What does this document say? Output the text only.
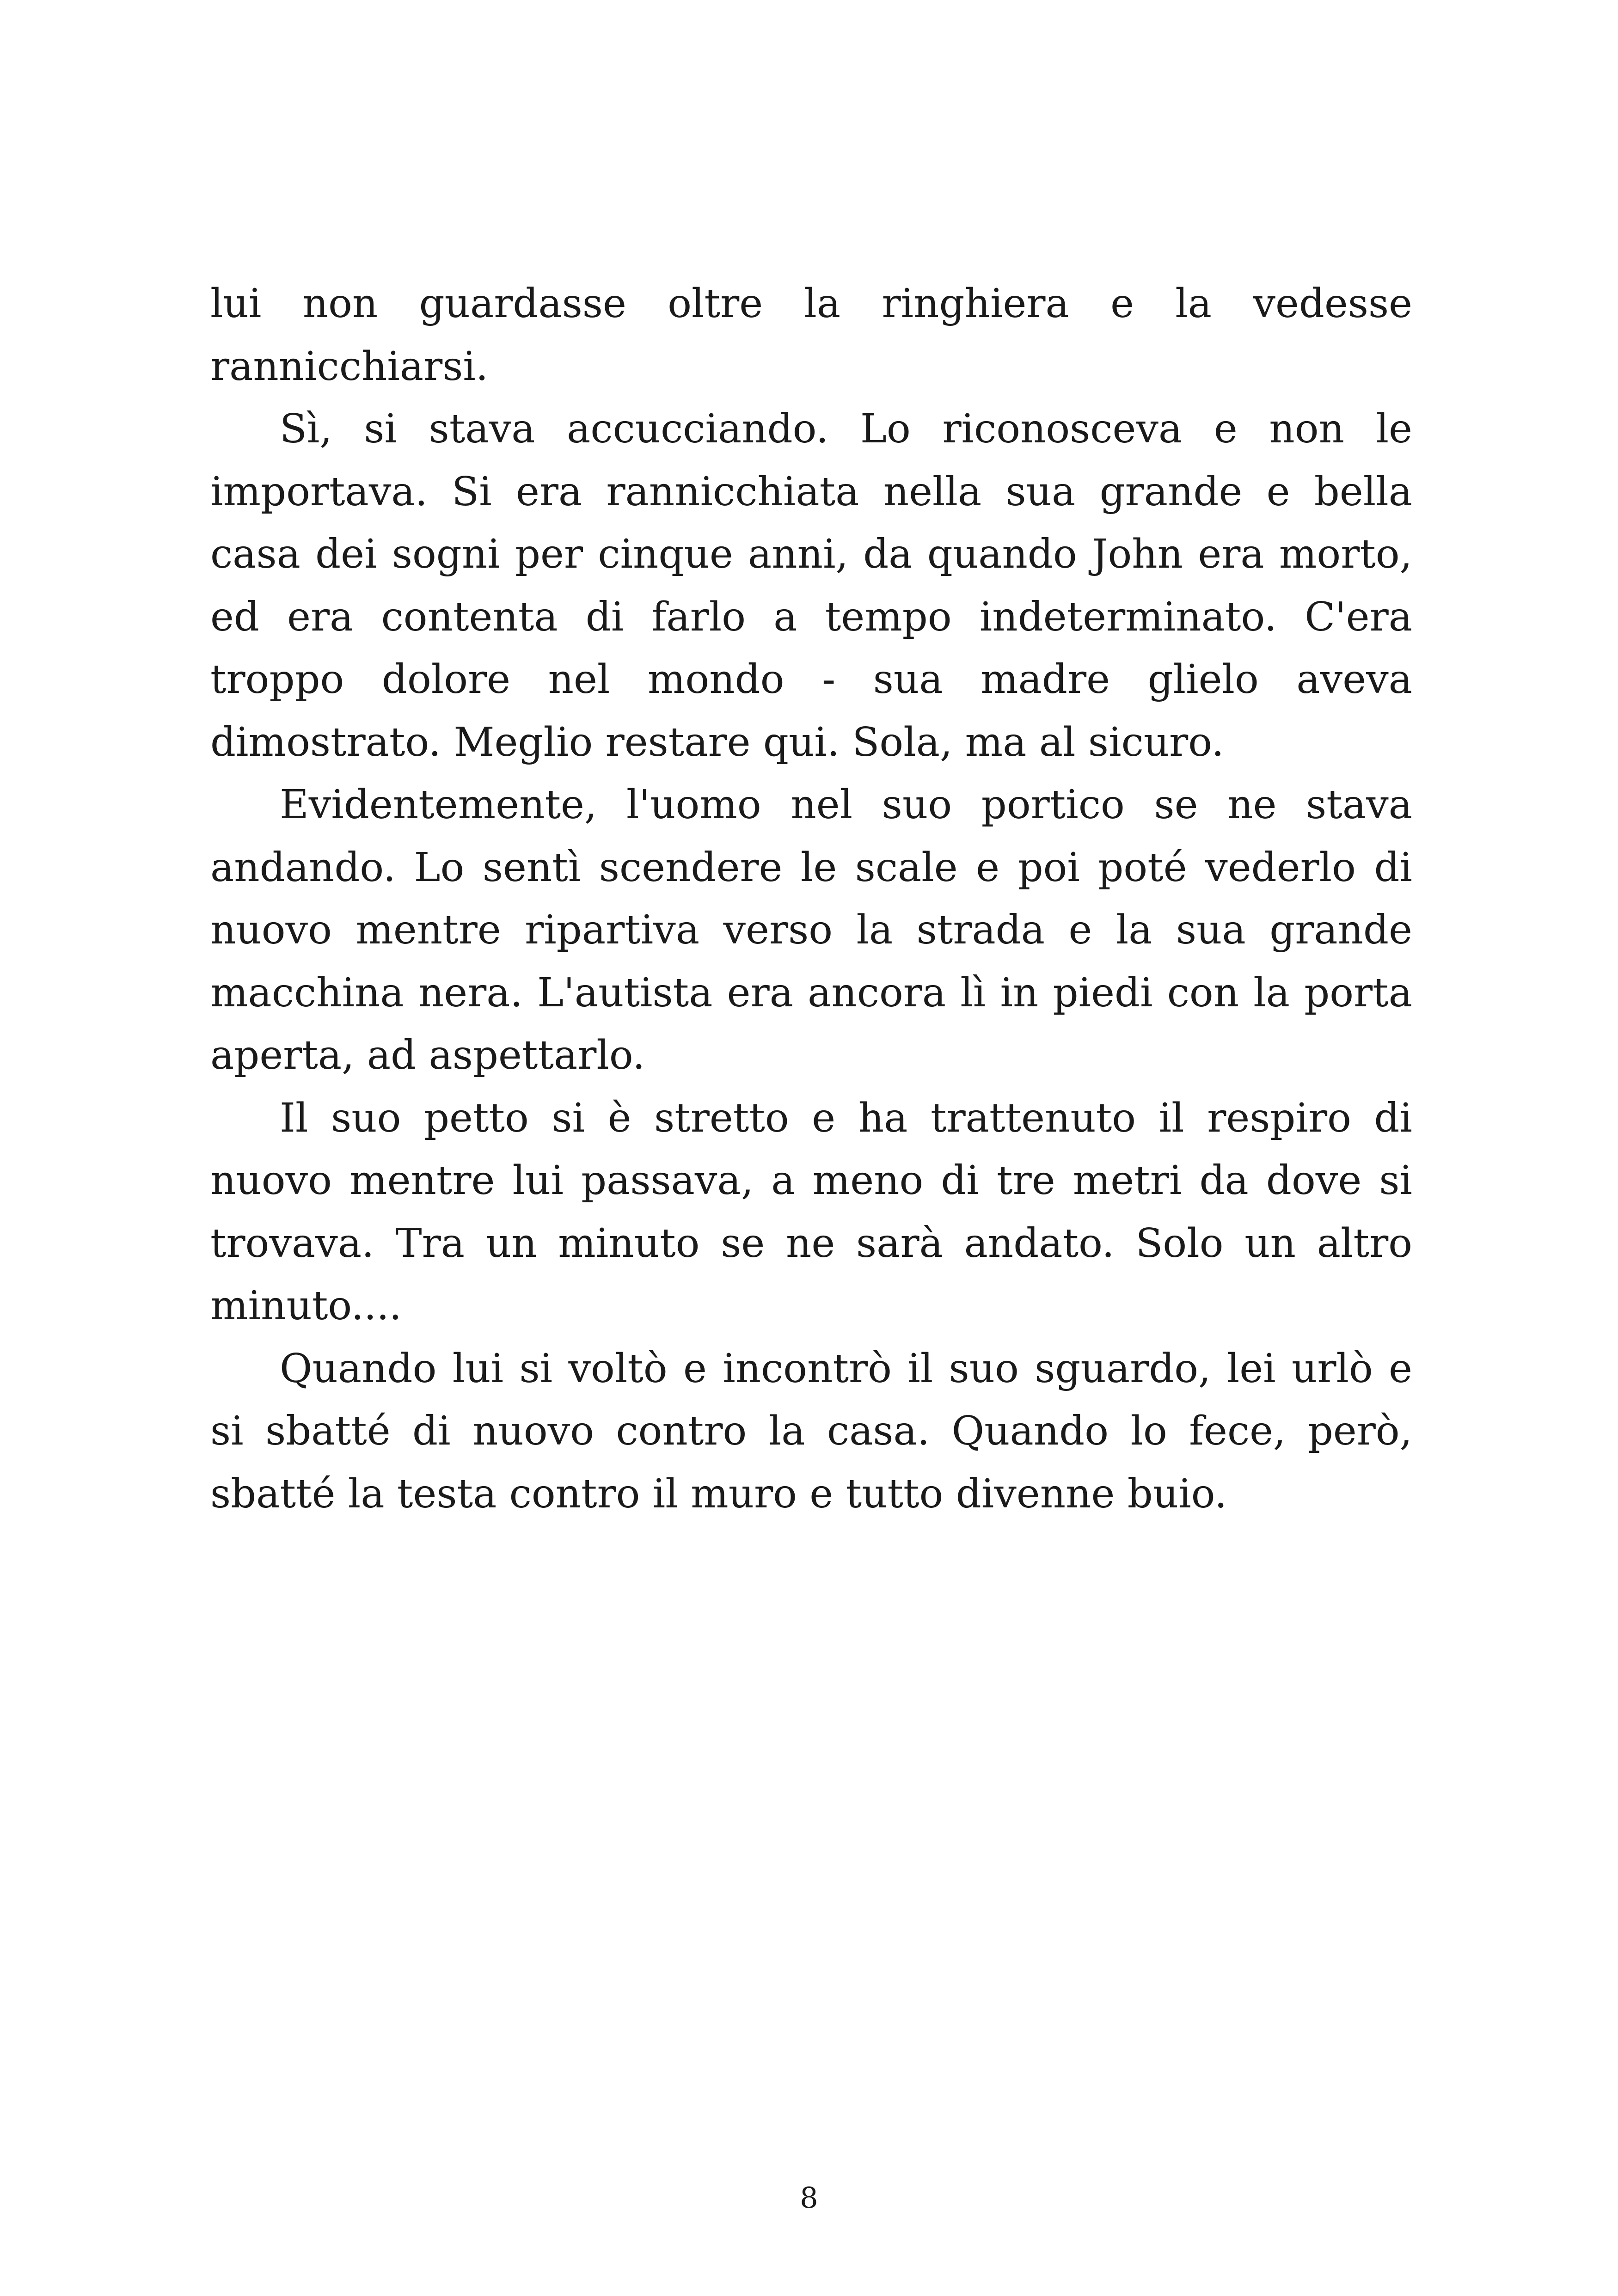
lui non guardasse oltre la ringhiera e la vedesse rannicchiarsi.

Sì, si stava accucciando. Lo riconosceva e non le importava. Si era rannicchiata nella sua grande e bella casa dei sogni per cinque anni, da quando John era morto, ed era contenta di farlo a tempo indeterminato. C'era troppo dolore nel mondo - sua madre glielo aveva dimostrato. Meglio restare qui. Sola, ma al sicuro.

Evidentemente, l'uomo nel suo portico se ne stava andando. Lo sentì scendere le scale e poi poté vederlo di nuovo mentre ripartiva verso la strada e la sua grande macchina nera. L'autista era ancora lì in piedi con la porta aperta, ad aspettarlo.

Il suo petto si è stretto e ha trattenuto il respiro di nuovo mentre lui passava, a meno di tre metri da dove si trovava. Tra un minuto se ne sarà andato. Solo un altro minuto....

Quando lui si voltò e incontrò il suo sguardo, lei urlò e si sbatté di nuovo contro la casa. Quando lo fece, però, sbatté la testa contro il muro e tutto divenne buio.

8
